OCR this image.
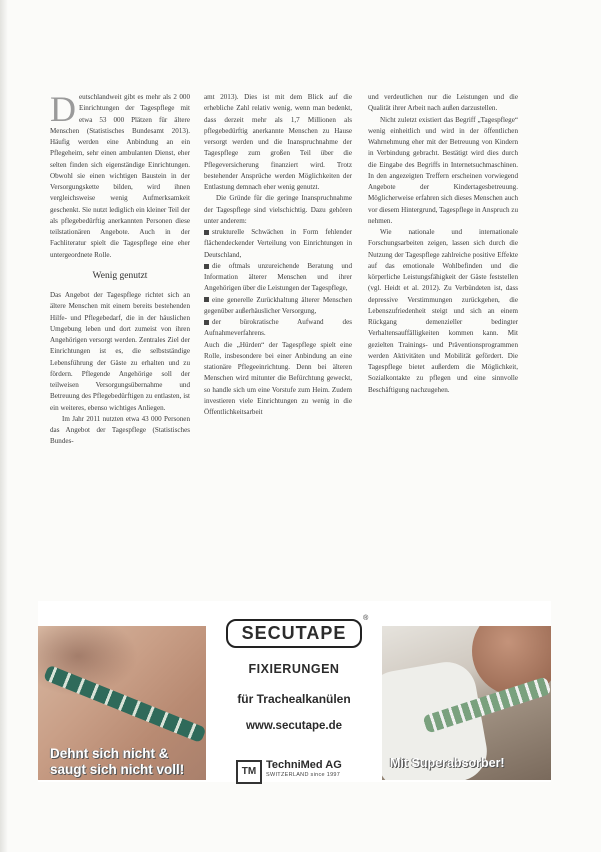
Deutschlandweit gibt es mehr als 2 000 Einrichtungen der Tagespflege mit etwa 53 000 Plätzen für ältere Menschen (Statistisches Bundesamt 2013). Häufig werden eine Anbindung an ein Pflegeheim, sehr einen ambulanten Dienst, eher selten finden sich eigenständige Einrichtungen. Obwohl sie einen wichtigen Baustein in der Versorgungskette bilden, wird ihnen vergleichsweise wenig Aufmerksamkeit geschenkt. Sie nutzt lediglich ein kleiner Teil der als pflegebedürftig anerkannten Personen diese teilstationären Angebote. Auch in der Fachliteratur spielt die Tagespflege eine eher untergeordnete Rolle.

Wenig genutzt

Das Angebot der Tagespflege richtet sich an ältere Menschen mit einem bereits bestehenden Hilfe- und Pflegebedarf, die in der häuslichen Umgebung leben und dort zumeist von ihren Angehörigen versorgt werden. Zentrales Ziel der Einrichtungen ist es, die selbstständige Lebensführung der Gäste zu erhalten und zu fördern. Pflegende Angehörige soll der teilweisen Versorgungsübernahme und Betreuung des Pflegebedürftigen zu entlasten, ist ein weiteres, ebenso wichtiges Anliegen.

Im Jahr 2011 nutzten etwa 43 000 Personen das Angebot der Tagespflege (Statistisches Bundes-

amt 2013). Dies ist mit dem Blick auf die erhebliche Zahl relativ wenig, wenn man bedenkt, dass derzeit mehr als 1,7 Millionen als pflegebedürftig anerkannte Menschen zu Hause versorgt werden und die Inanspruchnahme der Tagespflege zum großen Teil über die Pflegeversicherung finanziert wird. Trotz bestehender Ansprüche werden Möglichkeiten der Entlastung demnach eher wenig genutzt.

Die Gründe für die geringe Inanspruchnahme der Tagespflege sind vielschichtig. Dazu gehören unter anderem:

strukturelle Schwächen in Form fehlender flächendeckender Verteilung von Einrichtungen in Deutschland,

die oftmals unzureichende Beratung und Information älterer Menschen und ihrer Angehörigen über die Leistungen der Tagespflege,

eine generelle Zurückhaltung älterer Menschen gegenüber außerhäuslicher Versorgung,

der bürokratische Aufwand des Aufnahmeverfahrens.

Auch die „Hürden“ der Tagespflege spielt eine Rolle, insbesondere bei einer Anbindung an eine stationäre Pflegeeinrichtung. Denn bei älteren Menschen wird mitunter die Befürchtung geweckt, so handle sich um eine Vorstufe zum Heim. Zudem investieren viele Einrichtungen zu wenig in die Öffentlichkeitsarbeit

und verdeutlichen nur die Leistungen und die Qualität ihrer Arbeit nach außen darzustellen.

Nicht zuletzt existiert das Begriff „Tagespflege“ wenig einheitlich und wird in der öffentlichen Wahrnehmung eher mit der Betreuung von Kindern in Verbindung gebracht. Bestätigt wird dies durch die Eingabe des Begriffs in Internetsuchmaschinen. In den angezeigten Treffern erscheinen vorwiegend Angebote der Kindertagesbetreuung. Möglicherweise erfahren sich dieses Menschen auch vor diesem Hintergrund, Tagespflege in Anspruch zu nehmen.

Wie nationale und internationale Forschungsarbeiten zeigen, lassen sich durch die Nutzung der Tagespflege zahlreiche positive Effekte auf das emotionale Wohlbefinden und die körperliche Leistungsfähigkeit der Gäste feststellen (vgl. Heidt et al. 2012). Zu Verbündeten ist, dass depressive Verstimmungen zurückgehen, die Lebenszufriedenheit steigt und sich an einem Rückgang demenzieller bedingter Verhaltensauffälligkeiten kommen kann. Mit gezielten Trainings- und Präventionsprogrammen werden Aktivitäten und Mobilität gefördert. Die Tagespflege bietet außerdem die Möglichkeit, Sozialkontakte zu pflegen und eine sinnvolle Beschäftigung nachzugehen.

Dehnt sich nicht & saugt sich nicht voll!
SECUTAPE
®
FIXIERUNGEN
für Trachealkanülen
www.secutape.de
TM
TechniMed AG
SWITZERLAND since 1997
Mit Superabsorber!
